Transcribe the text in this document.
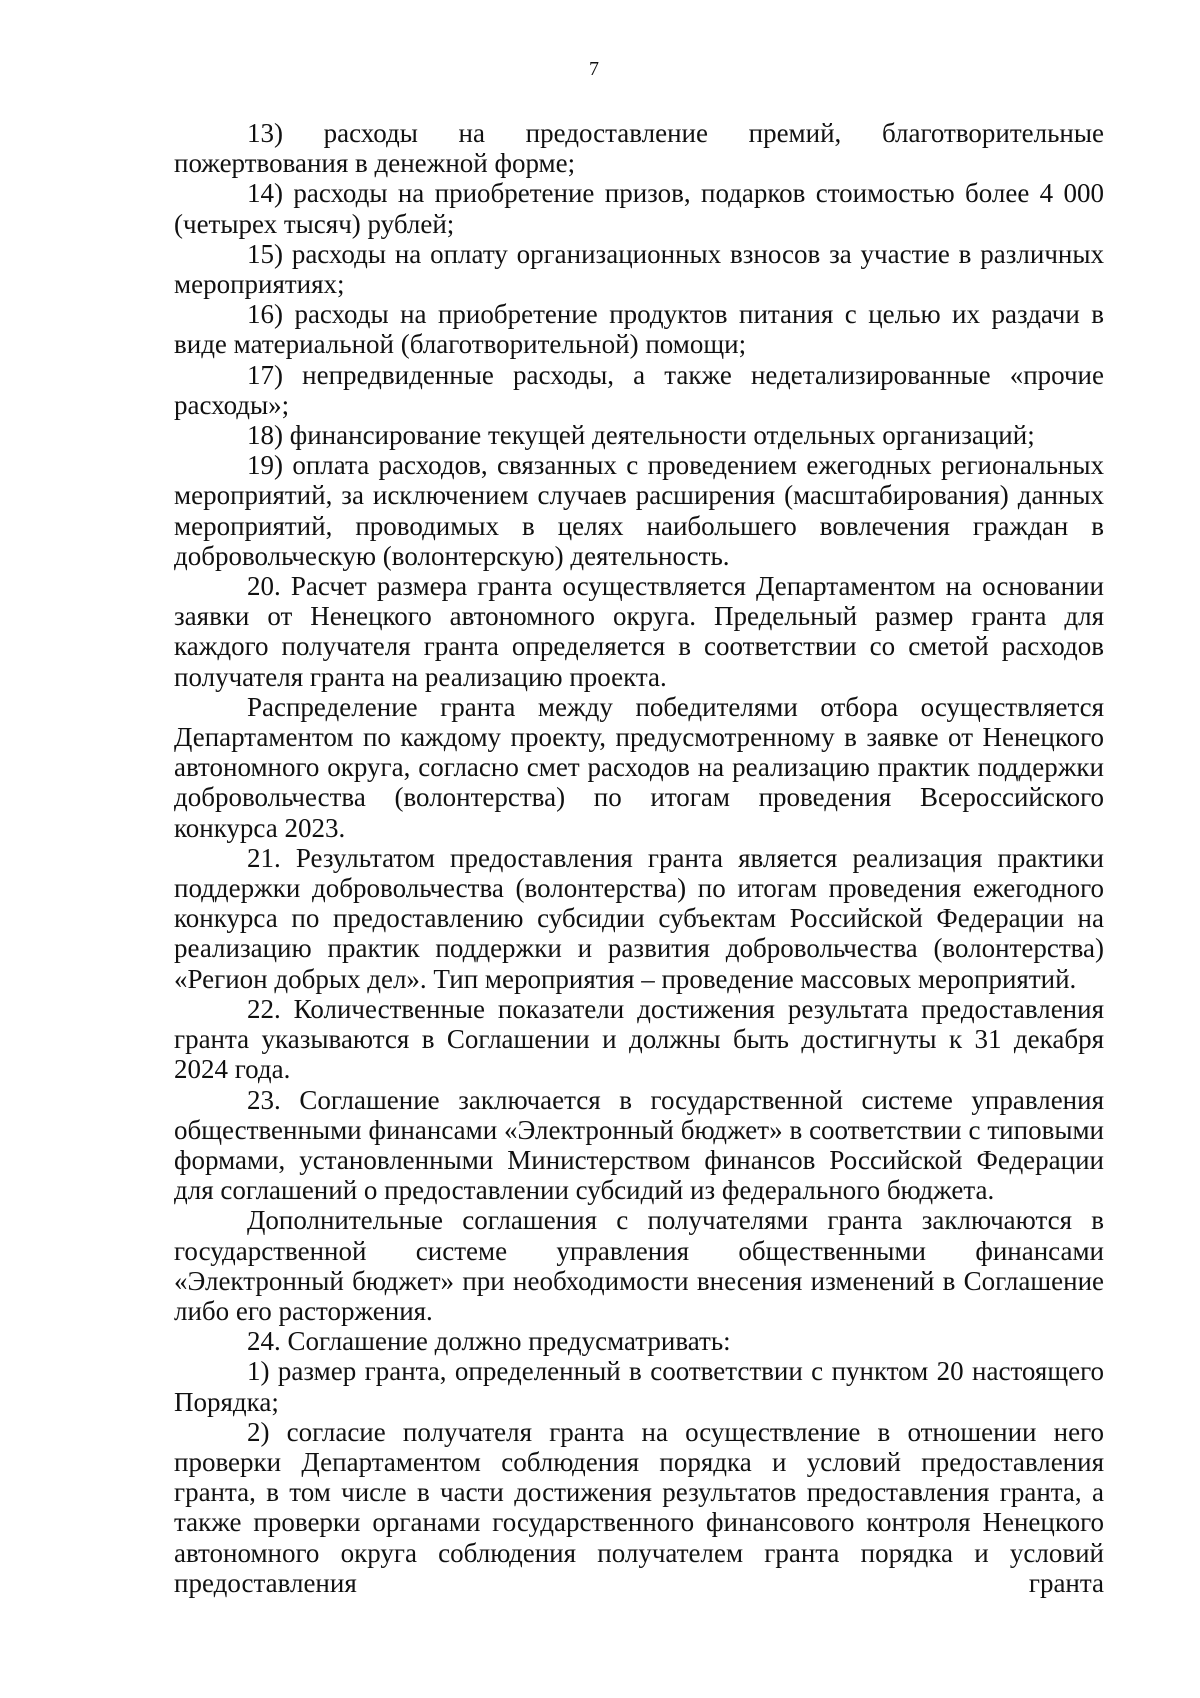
7

13) расходы на предоставление премий, благотворительные пожертвования в денежной форме;

14) расходы на приобретение призов, подарков стоимостью более 4 000 (четырех тысяч) рублей;

15) расходы на оплату организационных взносов за участие в различных мероприятиях;

16) расходы на приобретение продуктов питания с целью их раздачи в виде материальной (благотворительной) помощи;

17) непредвиденные расходы, а также недетализированные «прочие расходы»;

18) финансирование текущей деятельности отдельных организаций;

19) оплата расходов, связанных с проведением ежегодных региональных мероприятий, за исключением случаев расширения (масштабирования) данных мероприятий, проводимых в целях наибольшего вовлечения граждан в добровольческую (волонтерскую) деятельность.

20. Расчет размера гранта осуществляется Департаментом на основании заявки от Ненецкого автономного округа. Предельный размер гранта для каждого получателя гранта определяется в соответствии со сметой расходов получателя гранта на реализацию проекта.

Распределение гранта между победителями отбора осуществляется Департаментом по каждому проекту, предусмотренному в заявке от Ненецкого автономного округа, согласно смет расходов на реализацию практик поддержки добровольчества (волонтерства) по итогам проведения Всероссийского конкурса 2023.

21. Результатом предоставления гранта является реализация практики поддержки добровольчества (волонтерства) по итогам проведения ежегодного конкурса по предоставлению субсидии субъектам Российской Федерации на реализацию практик поддержки и развития добровольчества (волонтерства) «Регион добрых дел». Тип мероприятия – проведение массовых мероприятий.

22. Количественные показатели достижения результата предоставления гранта указываются в Соглашении и должны быть достигнуты к 31 декабря 2024 года.

23. Соглашение заключается в государственной системе управления общественными финансами «Электронный бюджет» в соответствии с типовыми формами, установленными Министерством финансов Российской Федерации для соглашений о предоставлении субсидий из федерального бюджета.

Дополнительные соглашения с получателями гранта заключаются в государственной системе управления общественными финансами «Электронный бюджет» при необходимости внесения изменений в Соглашение либо его расторжения.

24. Соглашение должно предусматривать:

1) размер гранта, определенный в соответствии с пунктом 20 настоящего Порядка;

2) согласие получателя гранта на осуществление в отношении него проверки Департаментом соблюдения порядка и условий предоставления гранта, в том числе в части достижения результатов предоставления гранта, а также проверки органами государственного финансового контроля Ненецкого автономного округа соблюдения получателем гранта порядка и условий предоставления гранта
